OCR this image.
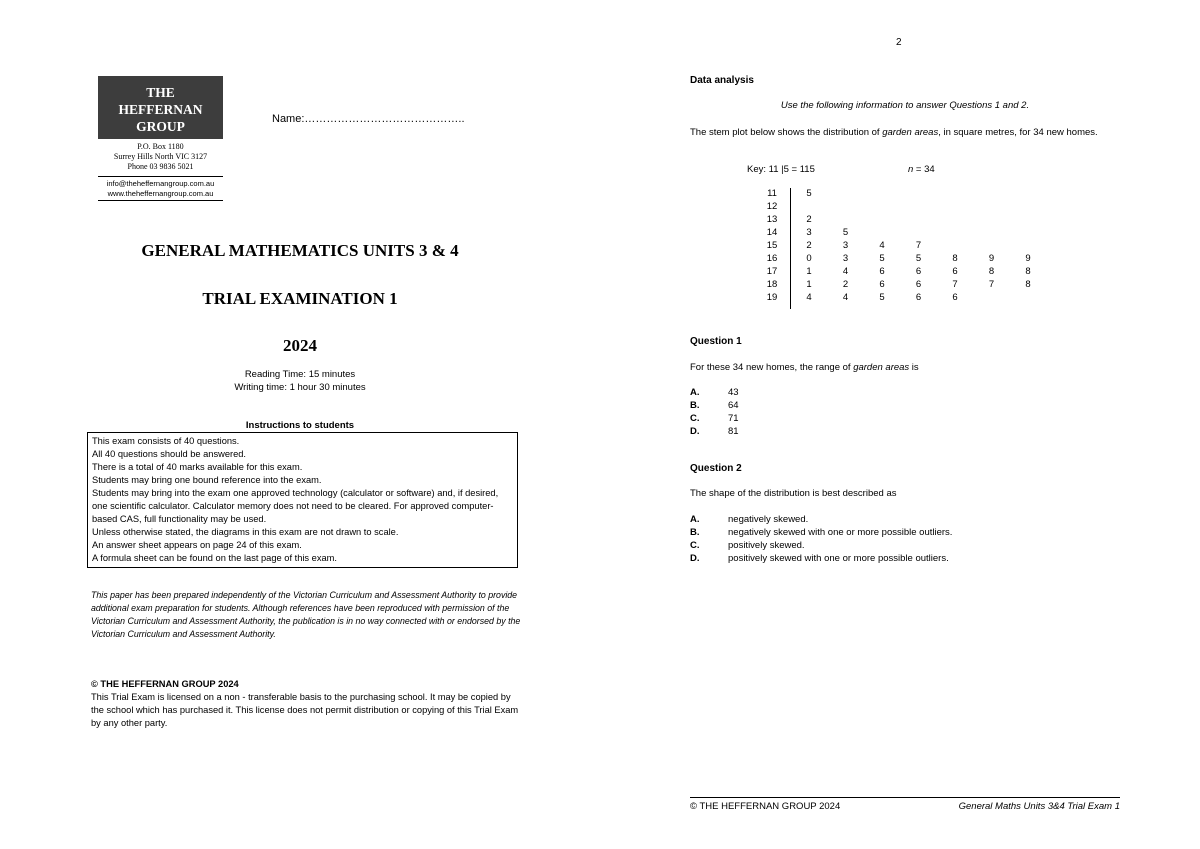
THE
HEFFERNAN
GROUP
P.O. Box 1180
Surrey Hills North VIC 3127
Phone 03 9836 5021
info@theheffernangroup.com.au
www.theheffernangroup.com.au
Name:……………………………………..
GENERAL MATHEMATICS UNITS 3 & 4
TRIAL EXAMINATION 1
2024
Reading Time: 15 minutes
Writing time: 1 hour 30 minutes
Instructions to students
This exam consists of 40 questions.
All 40 questions should be answered.
There is a total of 40 marks available for this exam.
Students may bring one bound reference into the exam.
Students may bring into the exam one approved technology (calculator or software) and, if desired, one scientific calculator. Calculator memory does not need to be cleared. For approved computer-based CAS, full functionality may be used.
Unless otherwise stated, the diagrams in this exam are not drawn to scale.
An answer sheet appears on page 24 of this exam.
A formula sheet can be found on the last page of this exam.
This paper has been prepared independently of the Victorian Curriculum and Assessment Authority to provide additional exam preparation for students. Although references have been reproduced with permission of the Victorian Curriculum and Assessment Authority, the publication is in no way connected with or endorsed by the Victorian Curriculum and Assessment Authority.
© THE HEFFERNAN GROUP 2024
This Trial Exam is licensed on a non - transferable basis to the purchasing school. It may be copied by the school which has purchased it. This license does not permit distribution or copying of this Trial Exam by any other party.
2
Data analysis
Use the following information to answer Questions 1 and 2.
The stem plot below shows the distribution of garden areas, in square metres, for 34 new homes.
Key: 11 |5 = 115	n = 34
11	5
12
13	2
14	3	5
15	2	3	4	7
16	0	3	5	5	8	9	9
17	1	4	6	6	6	8	8
18	1	2	6	6	7	7	8
19	4	4	5	6	6
Question 1
For these 34 new homes, the range of garden areas is
A.	43
B.	64
C.	71
D.	81
Question 2
The shape of the distribution is best described as
A.	negatively skewed.
B.	negatively skewed with one or more possible outliers.
C.	positively skewed.
D.	positively skewed with one or more possible outliers.
© THE HEFFERNAN GROUP 2024	General Maths Units 3&4 Trial Exam 1
